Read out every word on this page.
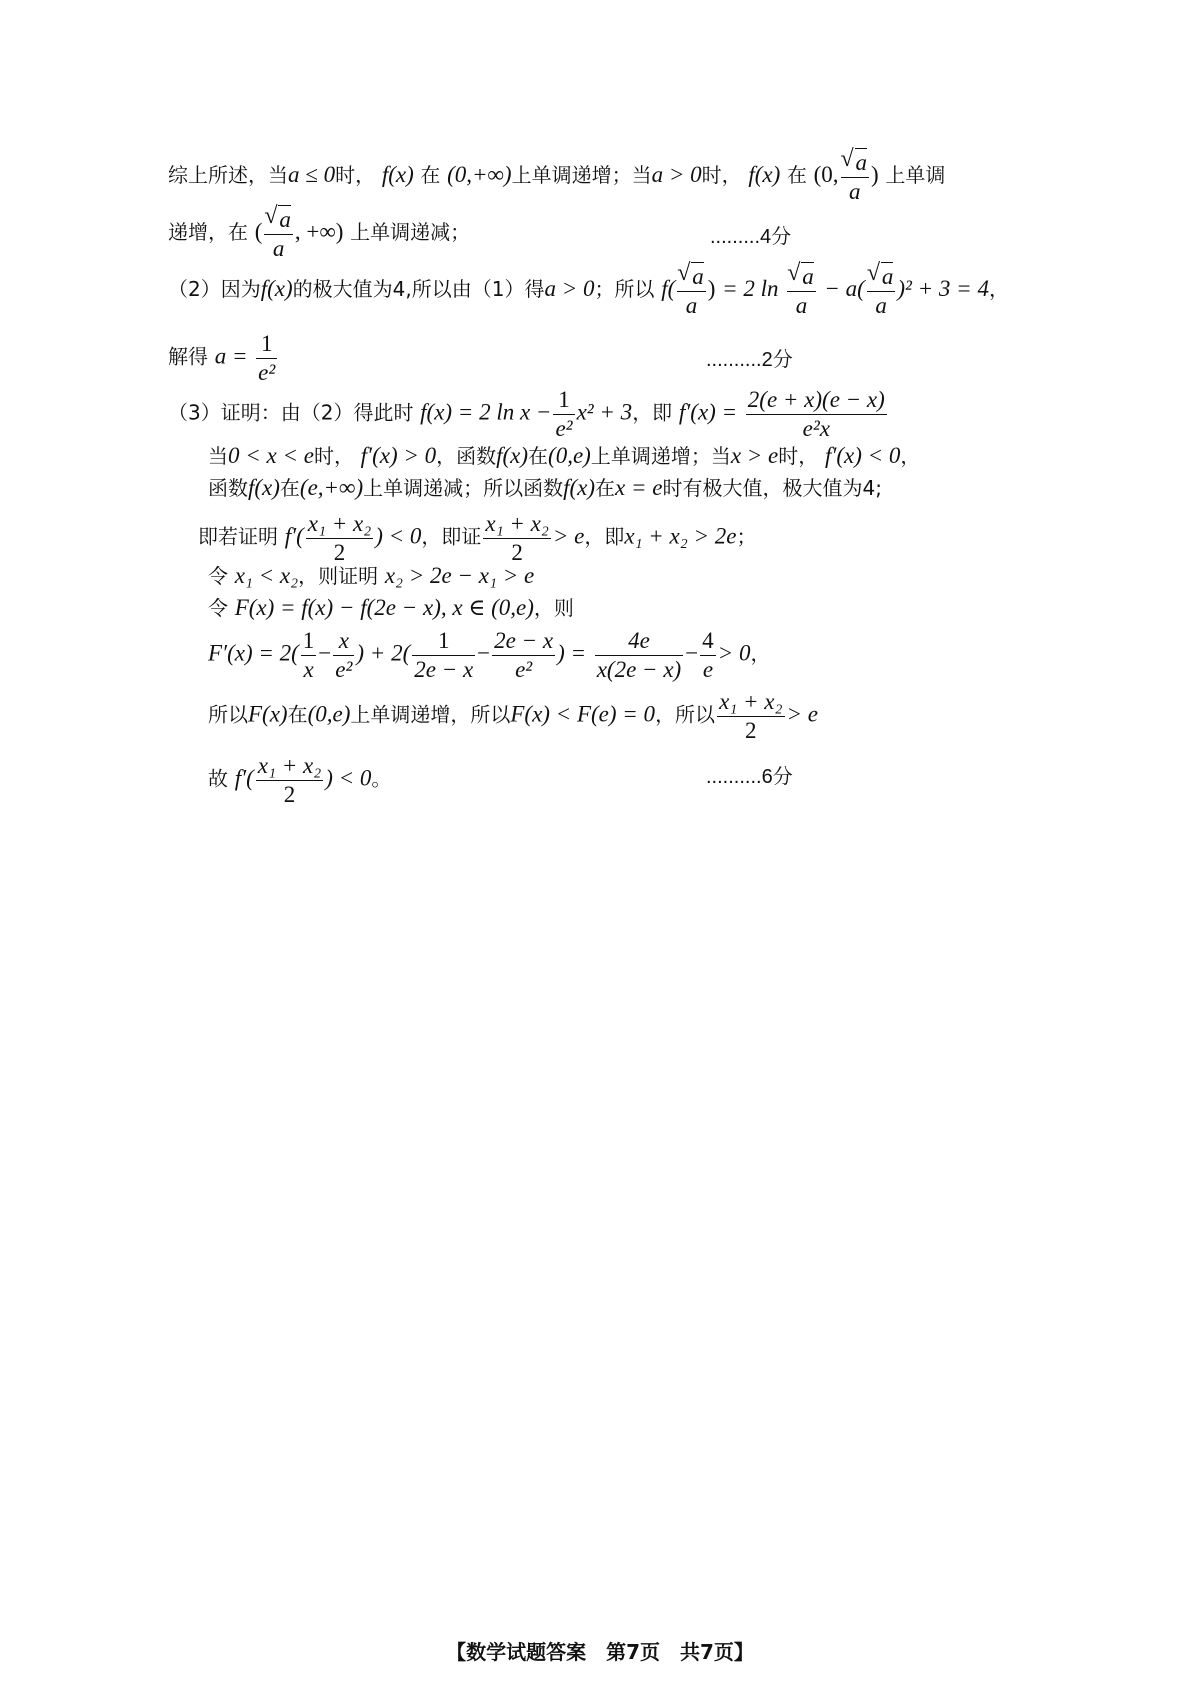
综上所述，当a ≤ 0时， f(x) 在 (0,+∞)上单调递增；当a > 0时， f(x) 在 (0, √ $\frac{a}{a}$ ) 上单调
递增，在 ( √ $\frac{a}{a}$ , +∞) 上单调递减；	.........4分
（2）因为f(x)的极大值为4,所以由（1）得a > 0；所以 f( √ $\frac{a}{a}$ ) = 2 ln √ $\frac{a}{a} - a$( √ $\frac{a}{a} )^2 + 3 = 4$，
解得 $a = \frac{1}{\text{e²}}$	..........2分
（3）证明：由（2）得此时 f(x) = 2 $\ln x - \frac{1}{\text{e²}} x^2 + 3$，即 $f'(x) = \frac{2(e + x)(e - x)}{\text{e²x}}$
当0 < x < e时， f′(x) > 0，函数f(x)在(0,e)上单调递增；当x > e时， f′(x) < 0，
函数f(x)在(e,+∞)上单调递减；所以函数f(x)在x = e时有极大值，极大值为4;
即若证明 $f'( \frac{\text{x₁ + x₂}}{2}$ ) < 0，即证 $\frac{\text{x₁ + x₂}}{2} > e$，即x₁ + x₂ > 2e；
令 x₁ < x₂，则证明 x₂ > 2e − x₁ > e
令 F(x) = f(x) − f(2e − x), x ∈ (0,e)，则
$F'(x) = 2( \frac{1}{x} - \frac{x}{\text{e²}}$ ) + $2( \frac{1}{2e - x} - \frac{2e - x}{\text{e²}}$ ) = $\frac{4e}{x(2e - x)} - \frac{4}{e} > 0$，
所以F(x)在(0,e)上单调递增，所以F(x) < F(e) = 0，所以 $\frac{\text{x₁ + x₂}}{2} > e$
故 $f'( \frac{\text{x₁ + x₂}}{2}$ ) < 0。	..........6分
【数学试题答案　第7页　共7页】
